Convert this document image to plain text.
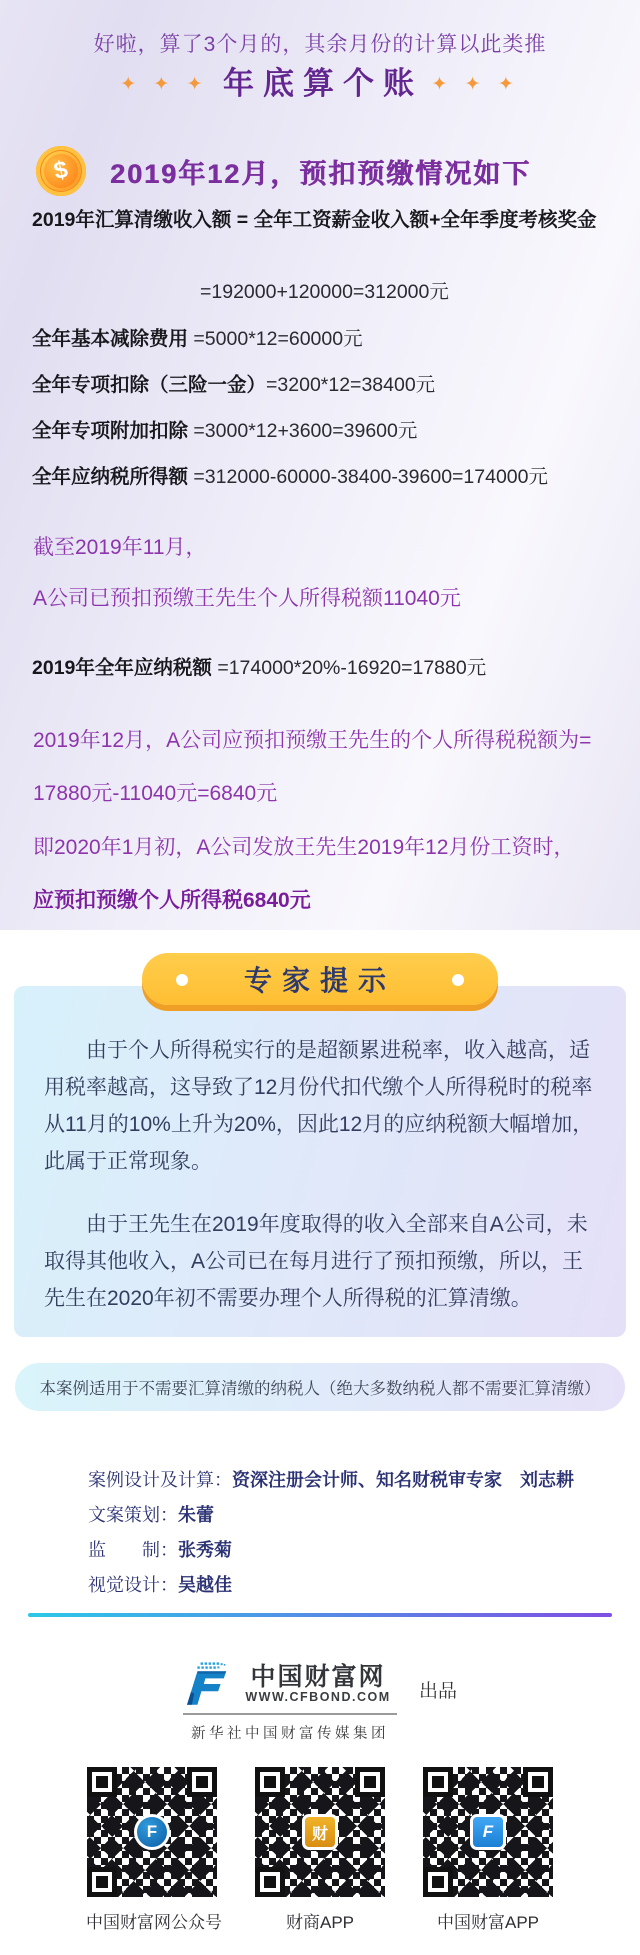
好啦，算了3个月的，其余月份的计算以此类推
✦ ✦ ✦ 年底算个账 ✦ ✦ ✦
$	2019年12月，预扣预缴情况如下
2019年汇算清缴收入额 = 全年工资薪金收入额+全年季度考核奖金
=192000+120000=312000元
全年基本减除费用 =5000*12=60000元
全年专项扣除（三险一金）=3200*12=38400元
全年专项附加扣除 =3000*12+3600=39600元
全年应纳税所得额 =312000-60000-38400-39600=174000元
截至2019年11月，
A公司已预扣预缴王先生个人所得税额11040元
2019年全年应纳税额 =174000*20%-16920=17880元
2019年12月，A公司应预扣预缴王先生的个人所得税税额为=
17880元-11040元=6840元
即2020年1月初，A公司发放王先生2019年12月份工资时，
应预扣预缴个人所得税6840元
专家提示

由于个人所得税实行的是超额累进税率，收入越高，适用税率越高，这导致了12月份代扣代缴个人所得税时的税率从11月的10%上升为20%，因此12月的应纳税额大幅增加，此属于正常现象。

由于王先生在2019年度取得的收入全部来自A公司，未取得其他收入，A公司已在每月进行了预扣预缴，所以，王先生在2020年初不需要办理个人所得税的汇算清缴。

本案例适用于不需要汇算清缴的纳税人（绝大多数纳税人都不需要汇算清缴）
案例设计及计算：资深注册会计师、知名财税审专家　刘志耕
文案策划：朱蕾
监　　制：张秀菊
视觉设计：吴越佳
中国财富网
WWW.CFBOND.COM
新华社中国财富传媒集团
出品
F
中国财富网公众号
财
财商APP
F
中国财富APP
